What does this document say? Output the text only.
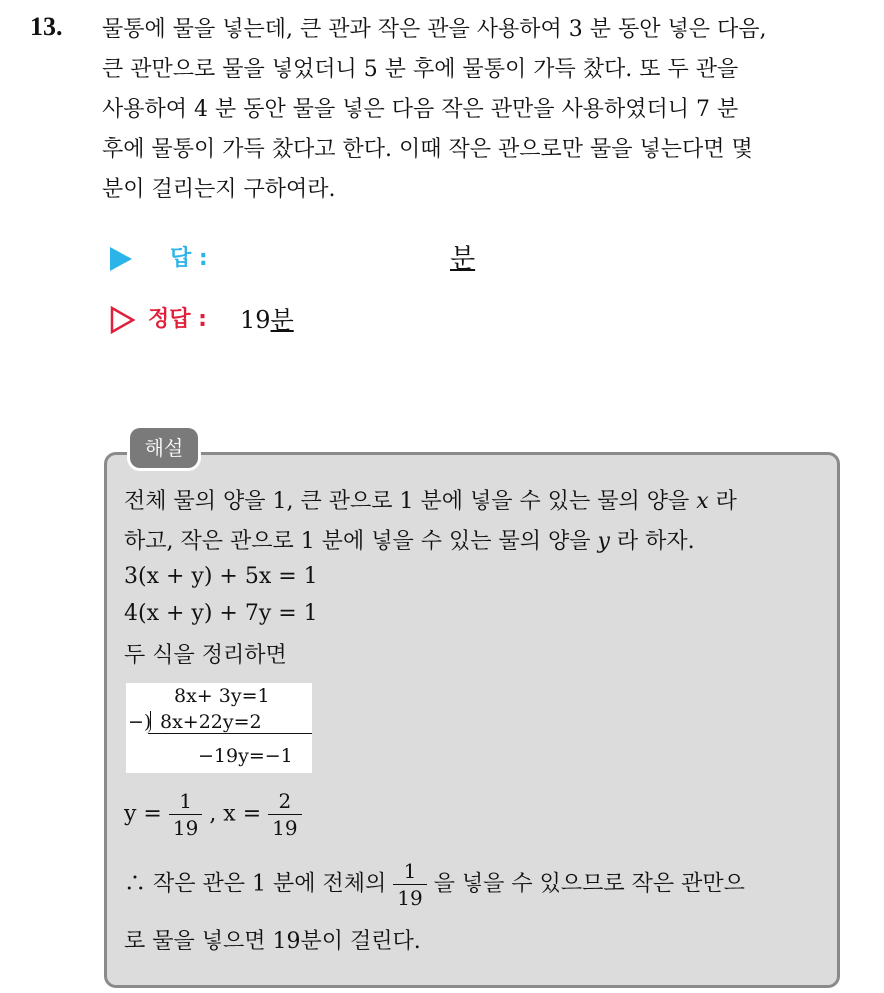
13. 물통에 물을 넣는데, 큰 관과 작은 관을 사용하여 3 분 동안 넣은 다음,

큰 관만으로 물을 넣었더니 5 분 후에 물통이 가득 찼다. 또 두 관을

사용하여 4 분 동안 물을 넣은 다음 작은 관만을 사용하였더니 7 분

후에 물통이 가득 찼다고 한다. 이때 작은 관으로만 물을 넣는다면 몇

분이 걸리는지 구하여라.

답 :	분
정답 : 19분
해설
전체 물의 양을 1, 큰 관으로 1 분에 넣을 수 있는 물의 양을 x 라
하고, 작은 관으로 1 분에 넣을 수 있는 물의 양을 y 라 하자.
3(x + y) + 5x = 1
4(x + y) + 7y = 1
두 식을 정리하면
8x+ 3y=1
−) 8x+22y=2
−19y=−1
$y = \frac{1}{19}$ , $x = \frac{2}{19}$
∴ 작은 관은 1 분에 전체의 $\frac{1}{19}$ 을 넣을 수 있으므로 작은 관만으
로 물을 넣으면 19분이 걸린다.
